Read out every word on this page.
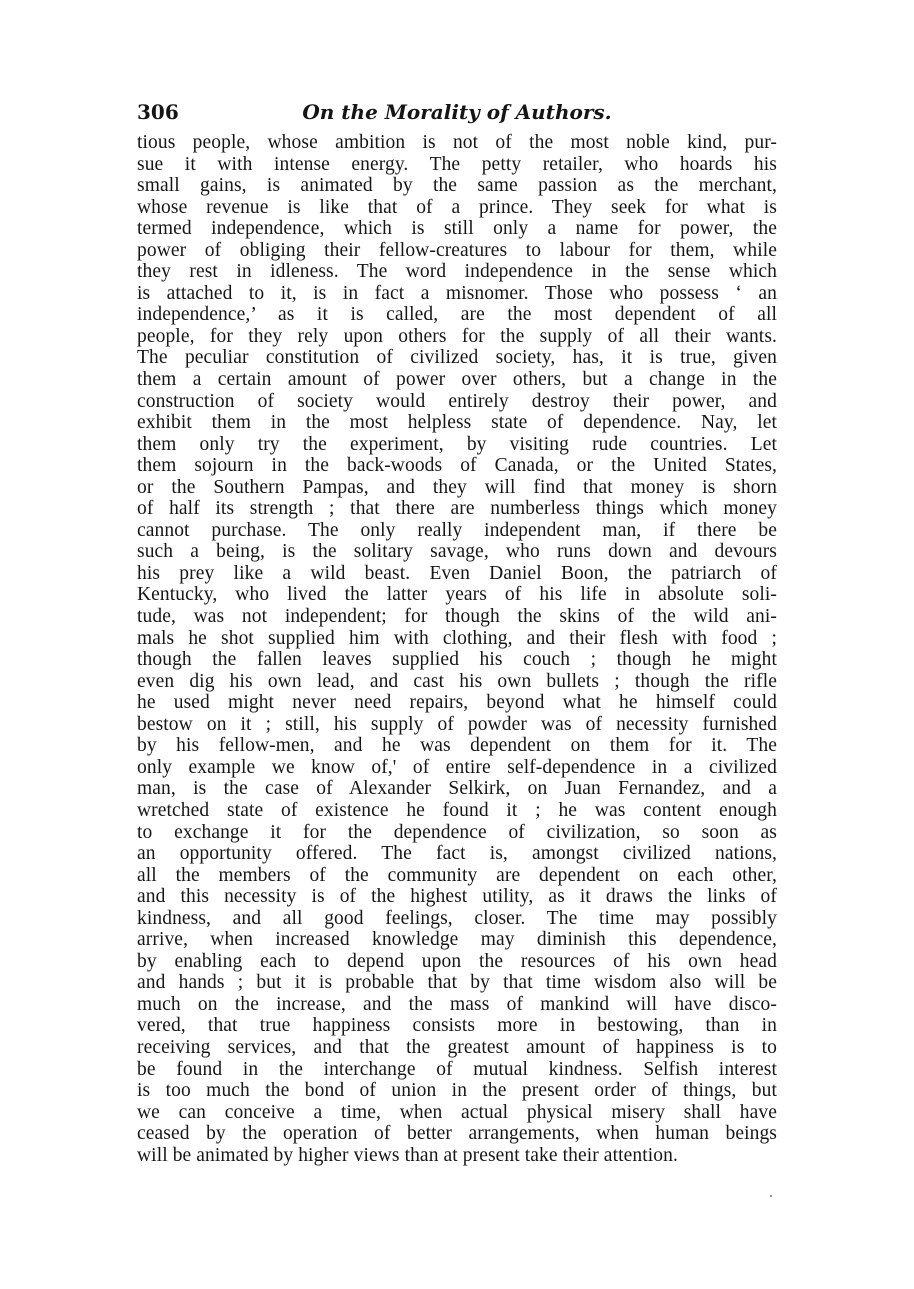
306	On the Morality of Authors.
tious people, whose ambition is not of the most noble kind, pur-
sue it with intense energy. The petty retailer, who hoards his
small gains, is animated by the same passion as the merchant,
whose revenue is like that of a prince. They seek for what is
termed independence, which is still only a name for power, the
power of obliging their fellow-creatures to labour for them, while
they rest in idleness. The word independence in the sense which
is attached to it, is in fact a misnomer. Those who possess ‘ an
independence,’ as it is called, are the most dependent of all
people, for they rely upon others for the supply of all their wants.
The peculiar constitution of civilized society, has, it is true, given
them a certain amount of power over others, but a change in the
construction of society would entirely destroy their power, and
exhibit them in the most helpless state of dependence. Nay, let
them only try the experiment, by visiting rude countries. Let
them sojourn in the back-woods of Canada, or the United States,
or the Southern Pampas, and they will find that money is shorn
of half its strength ; that there are numberless things which money
cannot purchase. The only really independent man, if there be
such a being, is the solitary savage, who runs down and devours
his prey like a wild beast. Even Daniel Boon, the patriarch of
Kentucky, who lived the latter years of his life in absolute soli-
tude, was not independent; for though the skins of the wild ani-
mals he shot supplied him with clothing, and their flesh with food ;
though the fallen leaves supplied his couch ; though he might
even dig his own lead, and cast his own bullets ; though the rifle
he used might never need repairs, beyond what he himself could
bestow on it ; still, his supply of powder was of necessity furnished
by his fellow-men, and he was dependent on them for it. The
only example we know of,' of entire self-dependence in a civilized
man, is the case of Alexander Selkirk, on Juan Fernandez, and a
wretched state of existence he found it ; he was content enough
to exchange it for the dependence of civilization, so soon as
an opportunity offered. The fact is, amongst civilized nations,
all the members of the community are dependent on each other,
and this necessity is of the highest utility, as it draws the links of
kindness, and all good feelings, closer. The time may possibly
arrive, when increased knowledge may diminish this dependence,
by enabling each to depend upon the resources of his own head
and hands ; but it is probable that by that time wisdom also will be
much on the increase, and the mass of mankind will have disco-
vered, that true happiness consists more in bestowing, than in
receiving services, and that the greatest amount of happiness is to
be found in the interchange of mutual kindness. Selfish interest
is too much the bond of union in the present order of things, but
we can conceive a time, when actual physical misery shall have
ceased by the operation of better arrangements, when human beings
will be animated by higher views than at present take their attention.
